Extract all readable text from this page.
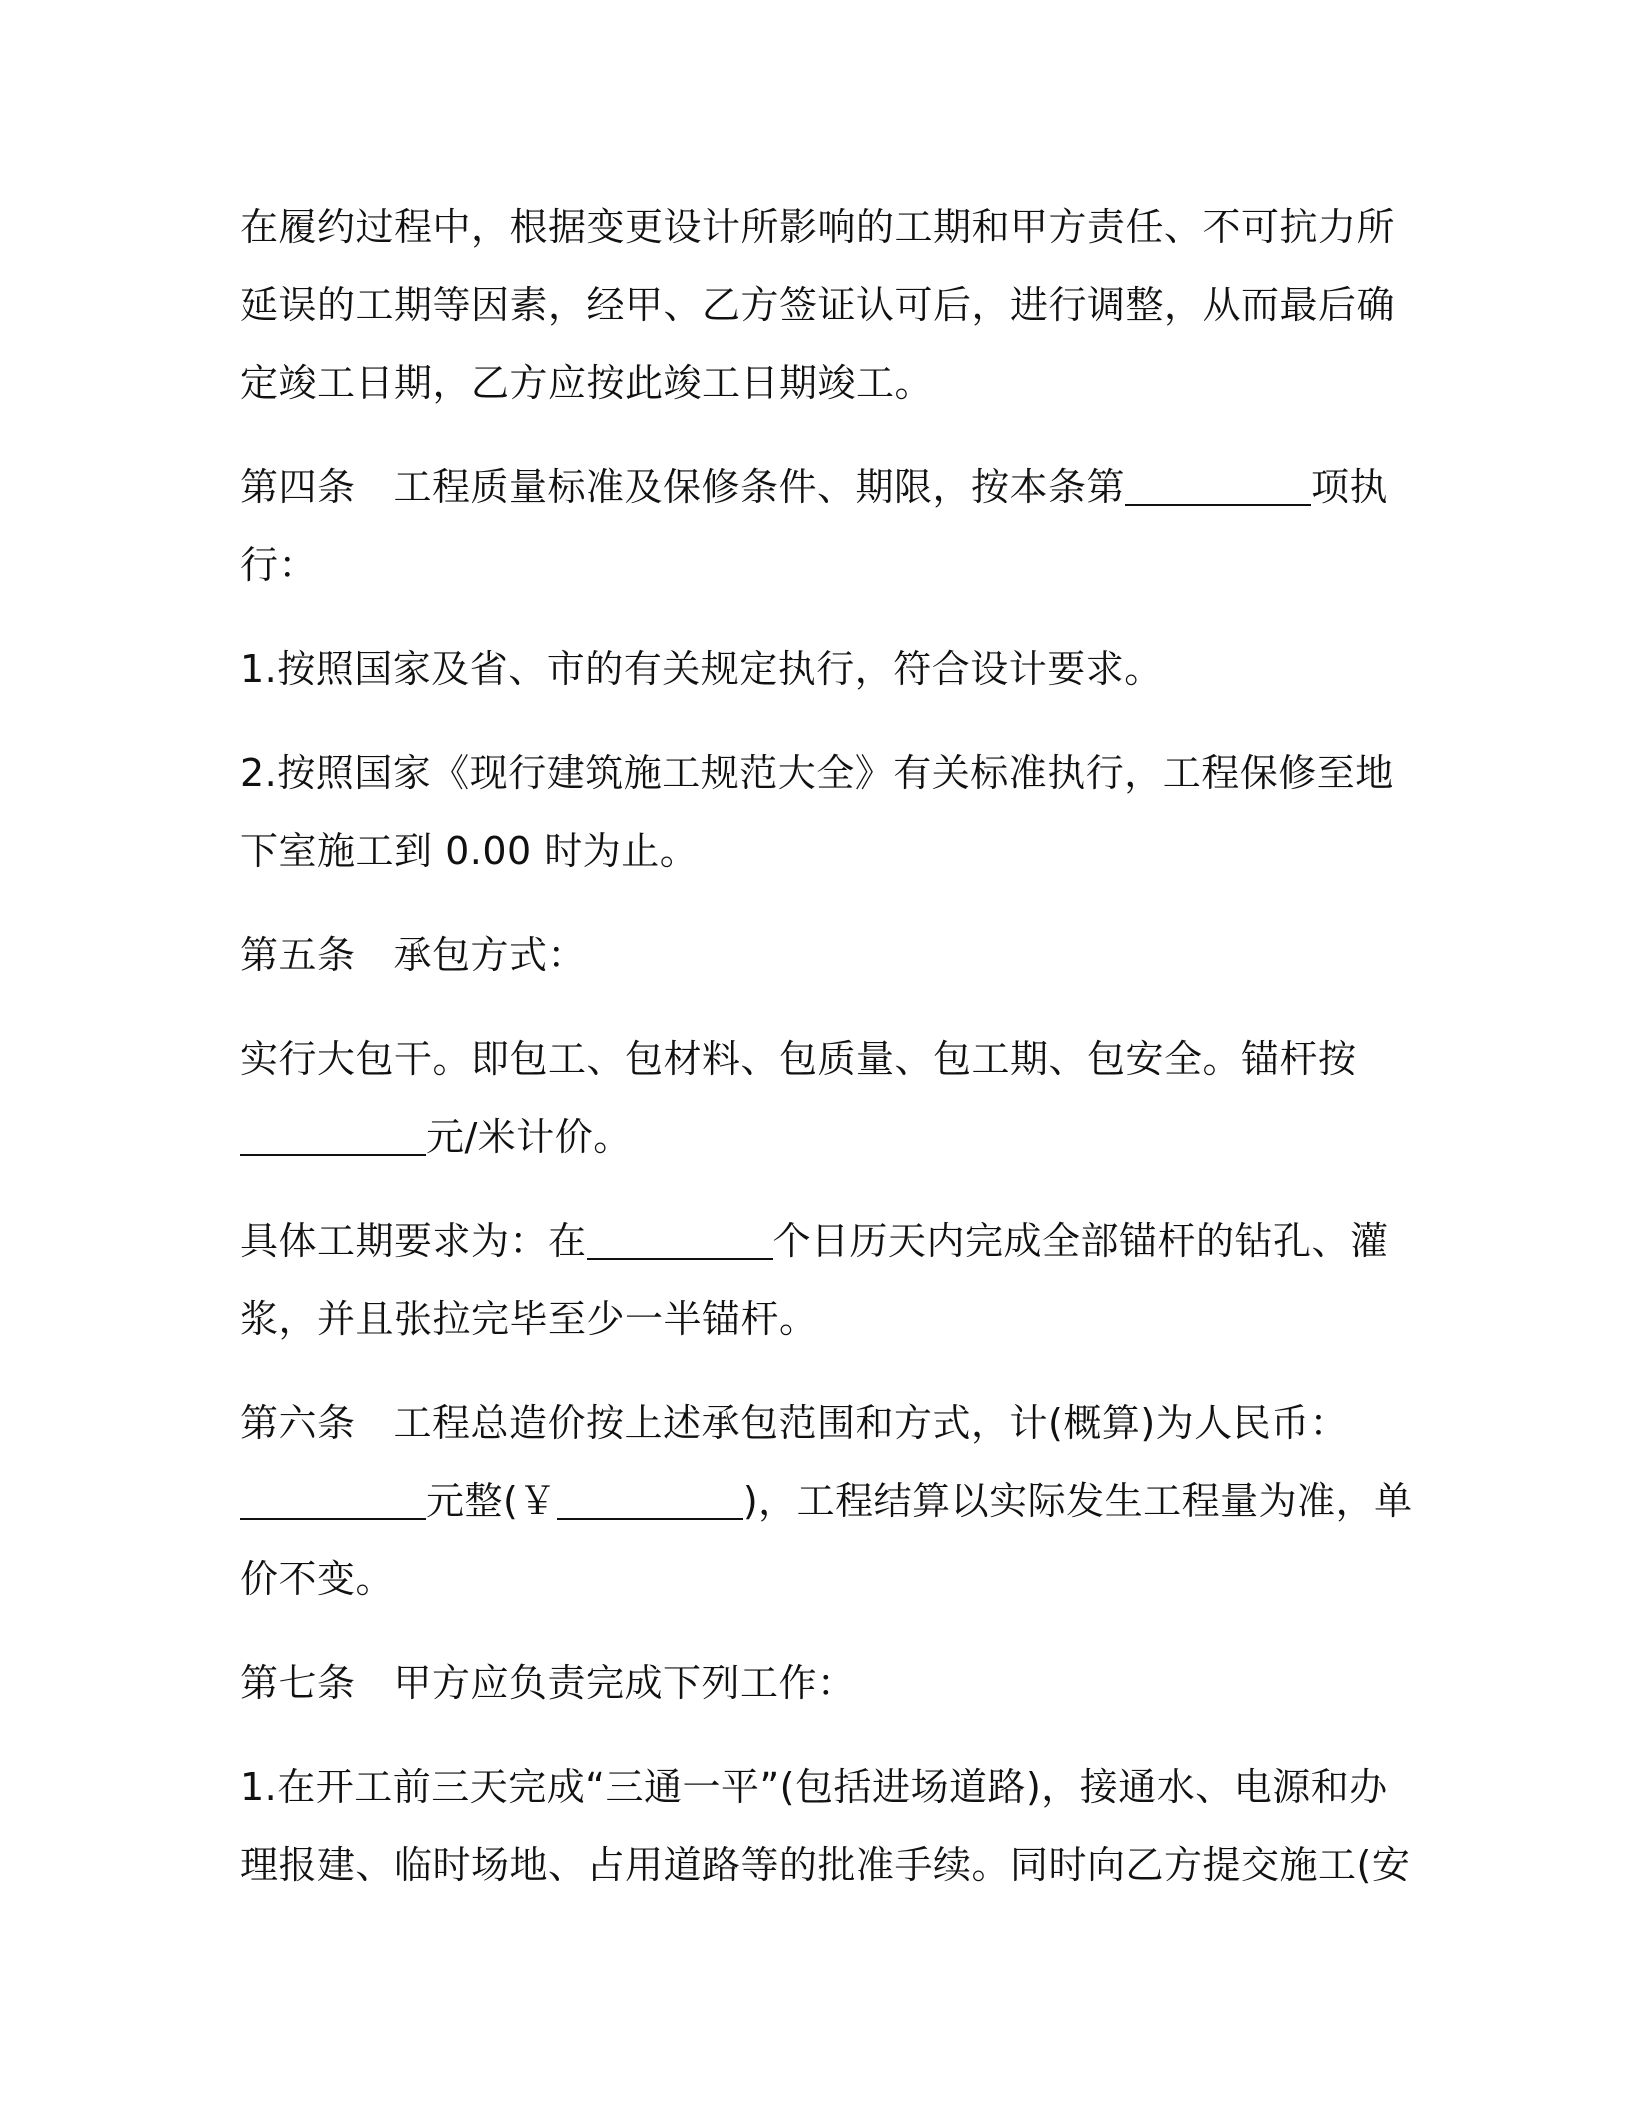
在履约过程中，根据变更设计所影响的工期和甲方责任、不可抗力所
延误的工期等因素，经甲、乙方签证认可后，进行调整，从而最后确
定竣工日期，乙方应按此竣工日期竣工。

第四条 工程质量标准及保修条件、期限，按本条第	项执
行：

1.按照国家及省、市的有关规定执行，符合设计要求。

2.按照国家《现行建筑施工规范大全》有关标准执行，工程保修至地
下室施工到 0.00 时为止。

第五条 承包方式：

实行大包干。即包工、包材料、包质量、包工期、包安全。锚杆按
元/米计价。

具体工期要求为：在	个日历天内完成全部锚杆的钻孔、灌
浆，并且张拉完毕至少一半锚杆。

第六条 工程总造价按上述承包范围和方式，计(概算)为人民币：
元整(￥	)，工程结算以实际发生工程量为准，单
价不变。

第七条 甲方应负责完成下列工作：

1.在开工前三天完成“三通一平”(包括进场道路)，接通水、电源和办
理报建、临时场地、占用道路等的批准手续。同时向乙方提交施工(安
